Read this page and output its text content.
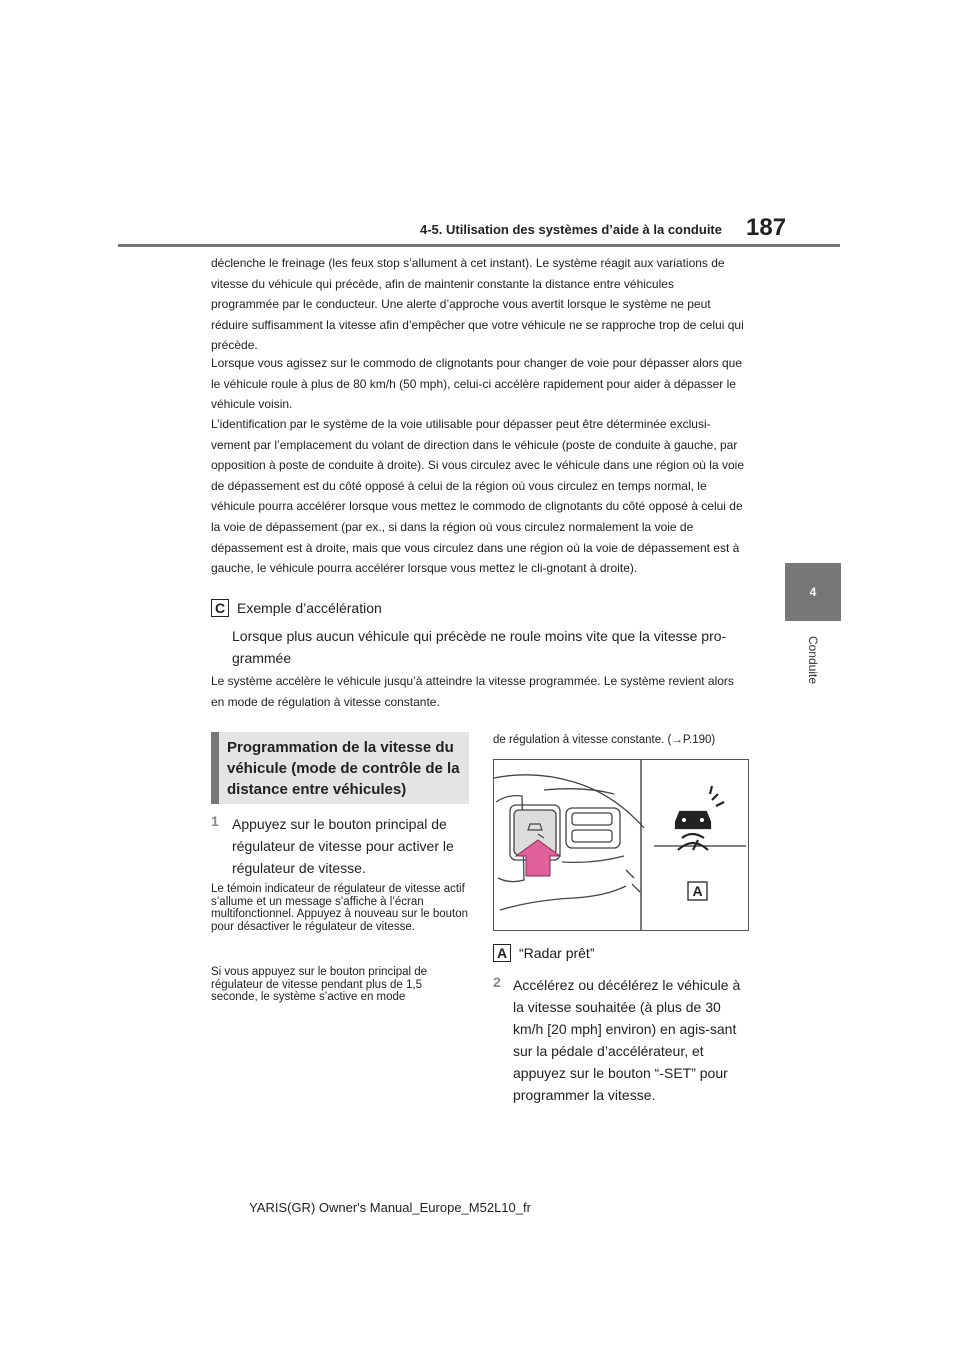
4-5. Utilisation des systèmes d’aide à la conduite 187
4
Conduite

déclenche le freinage (les feux stop s’allument à cet instant). Le système réagit aux variations de vitesse du véhicule qui précède, afin de maintenir constante la distance entre véhicules programmée par le conducteur. Une alerte d’approche vous avertit lorsque le système ne peut réduire suffisamment la vitesse afin d’empêcher que votre véhicule ne se rapproche trop de celui qui précède.

Lorsque vous agissez sur le commodo de clignotants pour changer de voie pour dépasser alors que le véhicule roule à plus de 80 km/h (50 mph), celui-ci accélère rapidement pour aider à dépasser le véhicule voisin.

L’identification par le système de la voie utilisable pour dépasser peut être déterminée exclusi-vement par l’emplacement du volant de direction dans le véhicule (poste de conduite à gauche, par opposition à poste de conduite à droite). Si vous circulez avec le véhicule dans une région où la voie de dépassement est du côté opposé à celui de la région où vous circulez en temps normal, le véhicule pourra accélérer lorsque vous mettez le commodo de clignotants du côté opposé à celui de la voie de dépassement (par ex., si dans la région où vous circulez normalement la voie de dépassement est à droite, mais que vous circulez dans une région où la voie de dépassement est à gauche, le véhicule pourra accélérer lorsque vous mettez le cli-gnotant à droite).

C Exemple d’accélération

Lorsque plus aucun véhicule qui précède ne roule moins vite que la vitesse pro-grammée

Le système accélère le véhicule jusqu’à atteindre la vitesse programmée. Le système revient alors en mode de régulation à vitesse constante.

Programmation de la vitesse du véhicule (mode de contrôle de la distance entre véhicules)
1 Appuyez sur le bouton principal de régulateur de vitesse pour activer le régulateur de vitesse.

Le témoin indicateur de régulateur de vitesse actif s’allume et un message s’affiche à l’écran multifonctionnel. Appuyez à nouveau sur le bouton pour désactiver le régulateur de vitesse.

Si vous appuyez sur le bouton principal de régulateur de vitesse pendant plus de 1,5 seconde, le système s’active en mode

de régulation à vitesse constante. (→P.190)

A
A “Radar prêt”
2 Accélérez ou décélérez le véhicule à la vitesse souhaitée (à plus de 30 km/h [20 mph] environ) en agis-sant sur la pédale d’accélérateur, et appuyez sur le bouton “-SET” pour programmer la vitesse.

YARIS(GR) Owner's Manual_Europe_M52L10_fr
